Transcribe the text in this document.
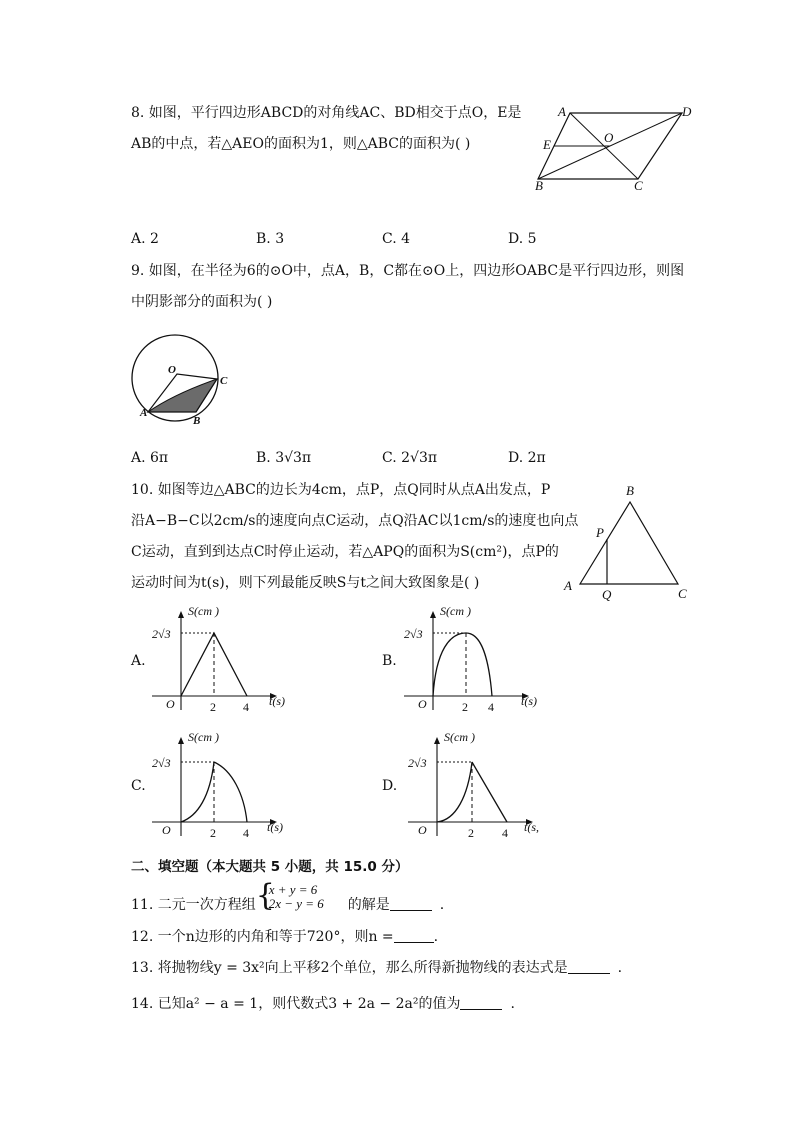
8. 如图，平行四边形ABCD的对角线AC、BD相交于点O，E是
AB的中点，若△AEO的面积为1，则△ABC的面积为( )
A	D
E	O
B	C
A. 2	B. 3	C. 4	D. 5
9. 如图，在半径为6的⊙O中，点A，B，C都在⊙O上，四边形OABC是平行四边形，则图
中阴影部分的面积为( )
O
A
B
C
A. 6π	B. 3√3π	C. 2√3π	D. 2π
10. 如图等边△ABC的边长为4cm，点P，点Q同时从点A出发点，P
沿A−B−C以2cm/s的速度向点C运动，点Q沿AC以1cm/s的速度也向点
C运动，直到到达点C时停止运动，若△APQ的面积为S(cm²)，点P的
运动时间为t(s)，则下列最能反映S与t之间大致图象是( )
B
P
A
Q	C
A.	B.
C.	D.
S(cm )
2√3
O	2 4 t(s)
S(cm )
2√3
O	2 4 t(s)
S(cm )
2√3
O	2 4 t(s)
S(cm )
2√3
O	2 4 t(s,
二、填空题（本大题共 5 小题，共 15.0 分）
11. 二元一次方程组 {
x + y = 6
2x − y = 6 的解是	.
12. 一个n边形的内角和等于720°，则n =	.
13. 将抛物线y = 3x²向上平移2个单位，那么所得新抛物线的表达式是	.
14. 已知a² − a = 1，则代数式3 + 2a − 2a²的值为	.
